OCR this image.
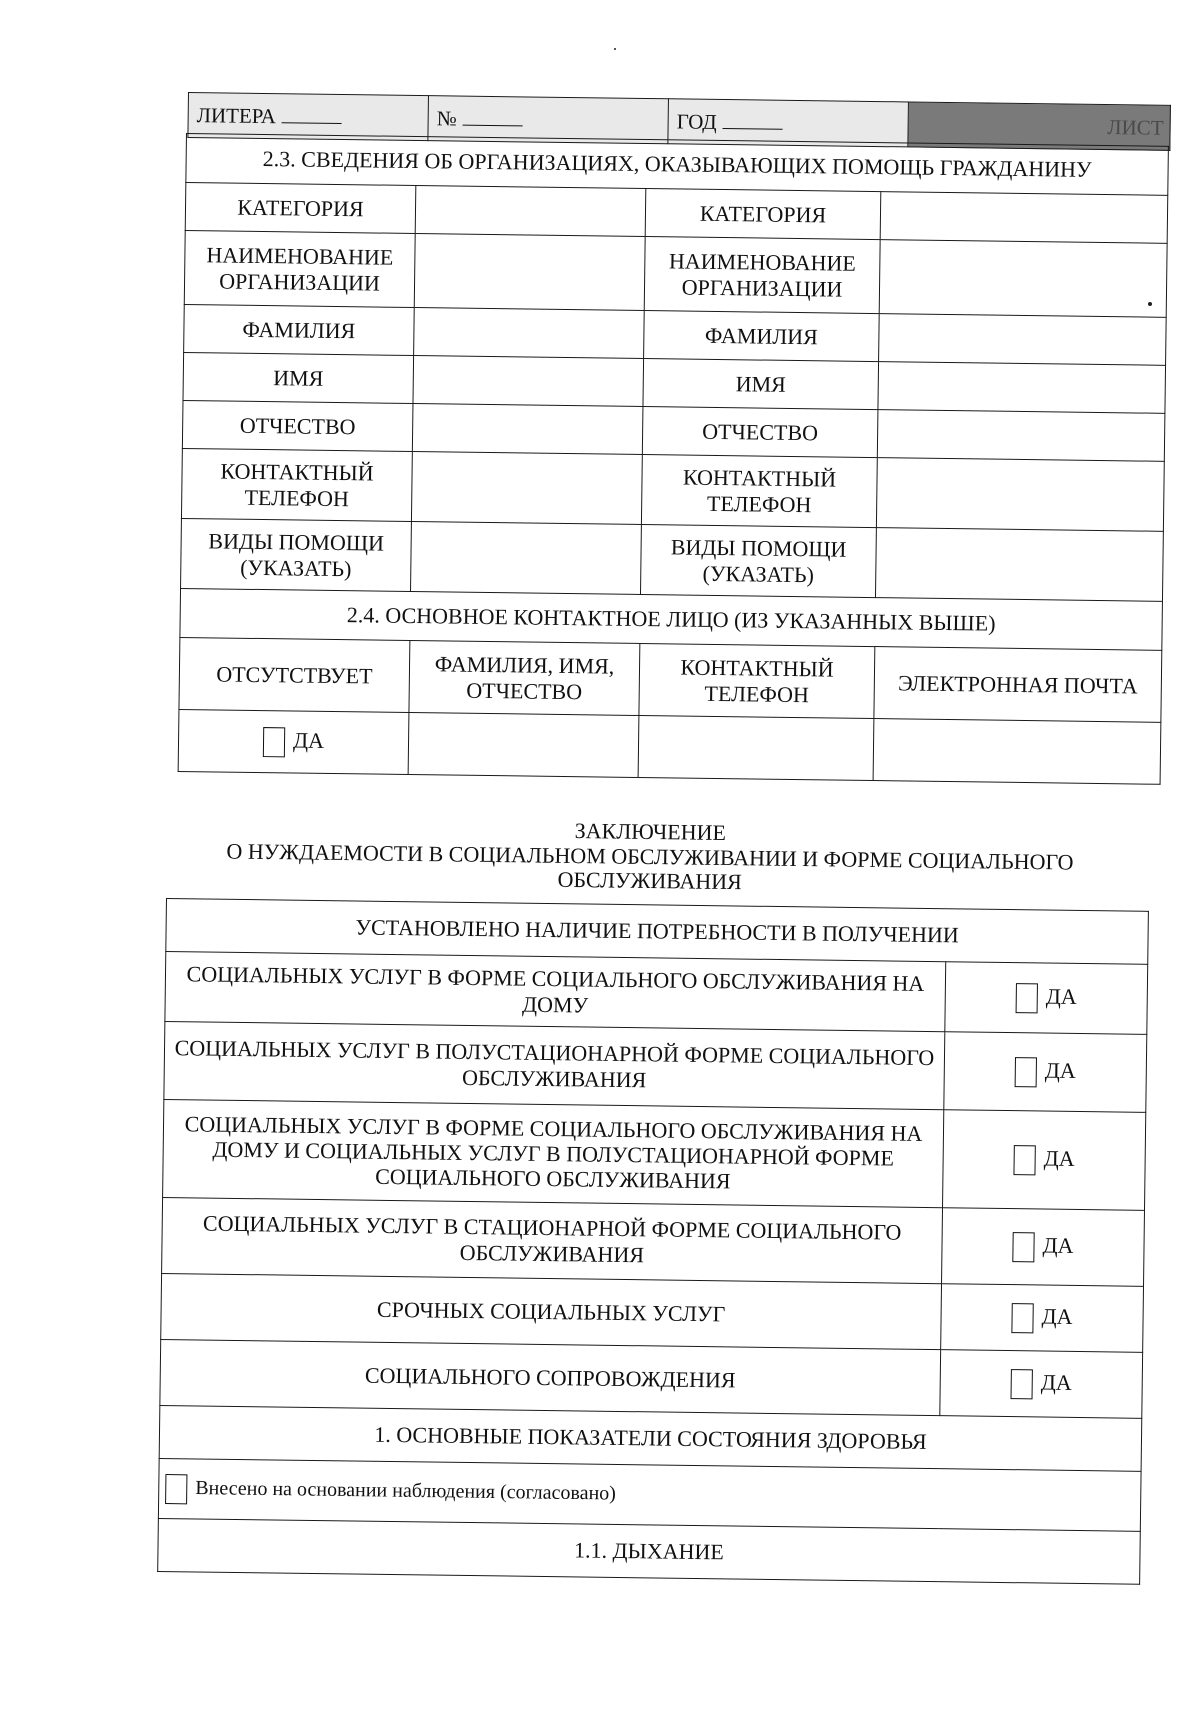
ЛИТЕРА	№	ГОД	ЛИСТ
2.3. СВЕДЕНИЯ ОБ ОРГАНИЗАЦИЯХ, ОКАЗЫВАЮЩИХ ПОМОЩЬ ГРАЖДАНИНУ			
КАТЕГОРИЯ		КАТЕГОРИЯ	
НАИМЕНОВАНИЕ ОРГАНИЗАЦИИ		НАИМЕНОВАНИЕ ОРГАНИЗАЦИИ	
ФАМИЛИЯ		ФАМИЛИЯ	
ИМЯ		ИМЯ	
ОТЧЕСТВО		ОТЧЕСТВО	
КОНТАКТНЫЙ ТЕЛЕФОН		КОНТАКТНЫЙ ТЕЛЕФОН	
ВИДЫ ПОМОЩИ (УКАЗАТЬ)		ВИДЫ ПОМОЩИ (УКАЗАТЬ)	
2.4. ОСНОВНОЕ КОНТАКТНОЕ ЛИЦО (ИЗ УКАЗАННЫХ ВЫШЕ)			
ОТСУТСТВУЕТ	ФАМИЛИЯ, ИМЯ, ОТЧЕСТВО	КОНТАКТНЫЙ ТЕЛЕФОН	ЭЛЕКТРОННАЯ ПОЧТА
ДА			
ЗАКЛЮЧЕНИЕ
О НУЖДАЕМОСТИ В СОЦИАЛЬНОМ ОБСЛУЖИВАНИИ И ФОРМЕ СОЦИАЛЬНОГО ОБСЛУЖИВАНИЯ
УСТАНОВЛЕНО НАЛИЧИЕ ПОТРЕБНОСТИ В ПОЛУЧЕНИИ	
СОЦИАЛЬНЫХ УСЛУГ В ФОРМЕ СОЦИАЛЬНОГО ОБСЛУЖИВАНИЯ НА ДОМУ	ДА
СОЦИАЛЬНЫХ УСЛУГ В ПОЛУСТАЦИОНАРНОЙ ФОРМЕ СОЦИАЛЬНОГО ОБСЛУЖИВАНИЯ	ДА
СОЦИАЛЬНЫХ УСЛУГ В ФОРМЕ СОЦИАЛЬНОГО ОБСЛУЖИВАНИЯ НА ДОМУ И СОЦИАЛЬНЫХ УСЛУГ В ПОЛУСТАЦИОНАРНОЙ ФОРМЕ СОЦИАЛЬНОГО ОБСЛУЖИВАНИЯ	ДА
СОЦИАЛЬНЫХ УСЛУГ В СТАЦИОНАРНОЙ ФОРМЕ СОЦИАЛЬНОГО ОБСЛУЖИВАНИЯ	ДА
СРОЧНЫХ СОЦИАЛЬНЫХ УСЛУГ	ДА
СОЦИАЛЬНОГО СОПРОВОЖДЕНИЯ	ДА
1. ОСНОВНЫЕ ПОКАЗАТЕЛИ СОСТОЯНИЯ ЗДОРОВЬЯ	
Внесено на основании наблюдения (согласовано)	
1.1. ДЫХАНИЕ	
